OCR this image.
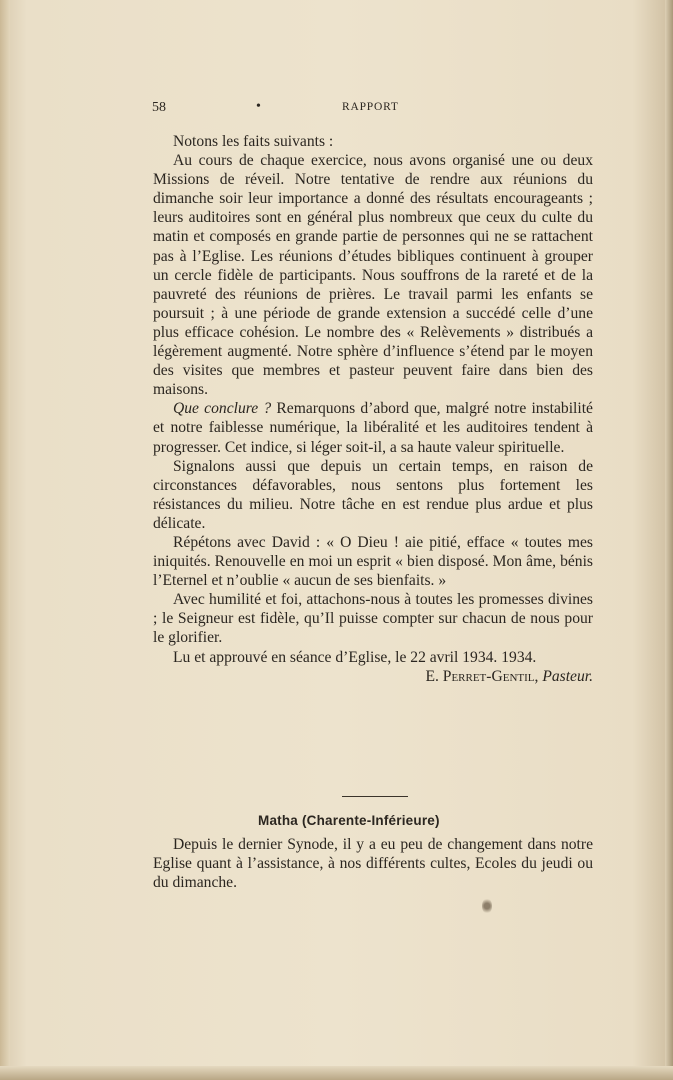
58	•	RAPPORT

Notons les faits suivants :

Au cours de chaque exercice, nous avons organisé une ou deux Missions de réveil. Notre tentative de rendre aux réunions du dimanche soir leur importance a donné des résultats encourageants ; leurs auditoires sont en général plus nombreux que ceux du culte du matin et composés en grande partie de personnes qui ne se rattachent pas à l’Eglise. Les réunions d’études bibliques continuent à grouper un cercle fidèle de participants. Nous souffrons de la rareté et de la pauvreté des réunions de prières. Le travail parmi les enfants se poursuit ; à une période de grande extension a succédé celle d’une plus efficace cohésion. Le nombre des « Relèvements » distribués a légèrement augmenté. Notre sphère d’influence s’étend par le moyen des visites que membres et pasteur peuvent faire dans bien des maisons.

Que conclure ? Remarquons d’abord que, malgré notre instabilité et notre faiblesse numérique, la libéralité et les auditoires tendent à progresser. Cet indice, si léger soit-il, a sa haute valeur spirituelle.

Signalons aussi que depuis un certain temps, en raison de circonstances défavorables, nous sentons plus fortement les résistances du milieu. Notre tâche en est rendue plus ardue et plus délicate.

Répétons avec David : « O Dieu ! aie pitié, efface « toutes mes iniquités. Renouvelle en moi un esprit « bien disposé. Mon âme, bénis l’Eternel et n’oublie « aucun de ses bienfaits. »

Avec humilité et foi, attachons-nous à toutes les promesses divines ; le Seigneur est fidèle, qu’Il puisse compter sur chacun de nous pour le glorifier.

Lu et approuvé en séance d’Eglise, le 22 avril 1934. 1934.

E. Perret-Gentil, Pasteur.

Matha (Charente-Inférieure)

Depuis le dernier Synode, il y a eu peu de changement dans notre Eglise quant à l’assistance, à nos différents cultes, Ecoles du jeudi ou du dimanche.
